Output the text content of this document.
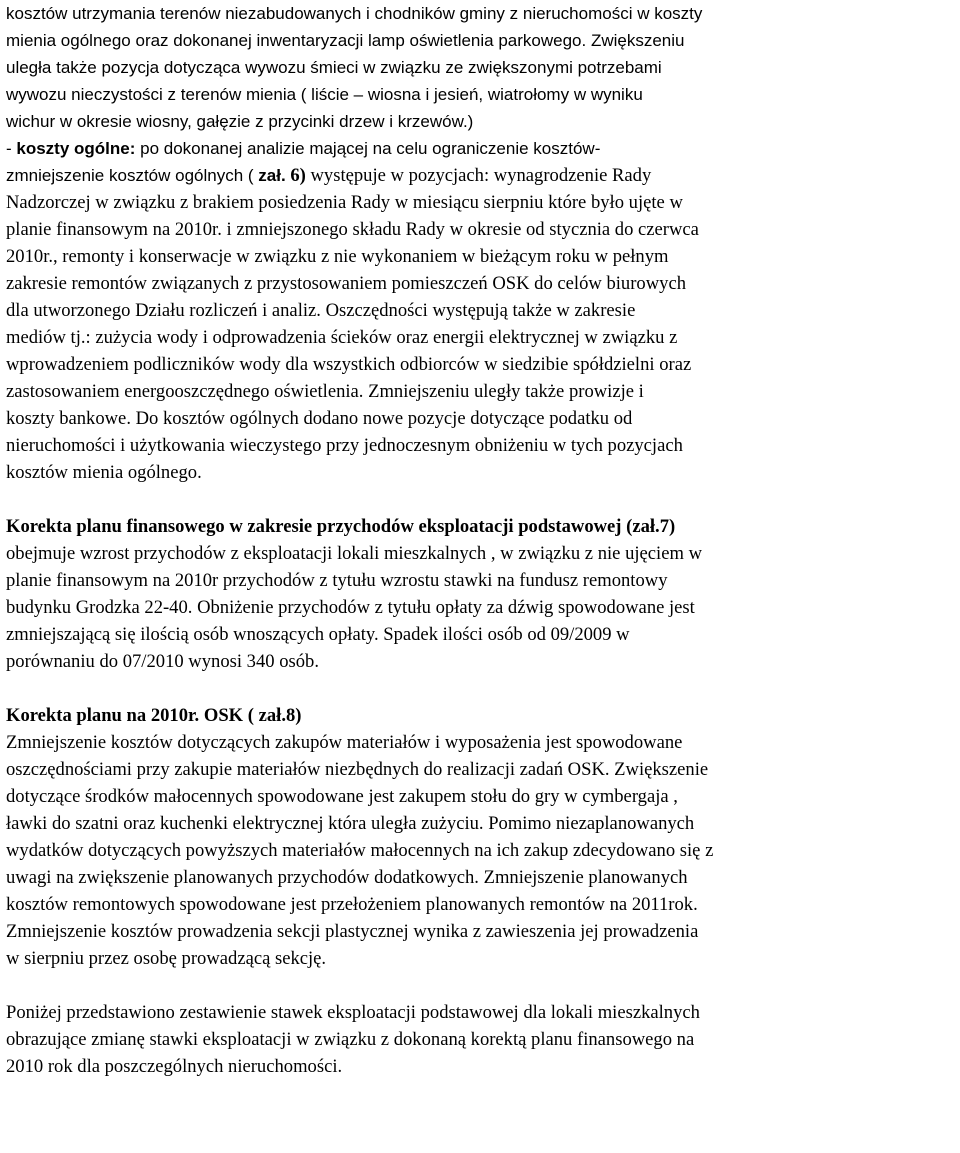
kosztów utrzymania terenów niezabudowanych i chodników gminy z nieruchomości w koszty
mienia ogólnego oraz dokonanej inwentaryzacji lamp oświetlenia parkowego. Zwiększeniu
uległa także pozycja dotycząca wywozu śmieci w związku ze zwiększonymi potrzebami
wywozu nieczystości z terenów mienia ( liście – wiosna i jesień, wiatrołomy w wyniku
wichur w okresie wiosny, gałęzie z przycinki drzew i krzewów.)
- koszty ogólne: po dokonanej analizie mającej na celu ograniczenie kosztów-
zmniejszenie kosztów ogólnych ( zał. 6) występuje w pozycjach: wynagrodzenie Rady
Nadzorczej w związku z brakiem posiedzenia Rady w miesiącu sierpniu które było ujęte w
planie finansowym na 2010r. i zmniejszonego składu Rady w okresie od stycznia do czerwca
2010r., remonty i konserwacje w związku z nie wykonaniem w bieżącym roku w pełnym
zakresie remontów związanych z przystosowaniem pomieszczeń OSK do celów biurowych
dla utworzonego Działu rozliczeń i analiz. Oszczędności występują także w zakresie
mediów tj.: zużycia wody i odprowadzenia ścieków oraz energii elektrycznej w związku z
wprowadzeniem podliczników wody dla wszystkich odbiorców w siedzibie spółdzielni oraz
zastosowaniem energooszczędnego oświetlenia. Zmniejszeniu uległy także prowizje i
koszty bankowe. Do kosztów ogólnych dodano nowe pozycje dotyczące podatku od
nieruchomości i użytkowania wieczystego przy jednoczesnym obniżeniu w tych pozycjach
kosztów mienia ogólnego.
Korekta planu finansowego w zakresie przychodów eksploatacji podstawowej (zał.7)
obejmuje wzrost przychodów z eksploatacji lokali mieszkalnych , w związku z nie ujęciem w
planie finansowym na 2010r przychodów z tytułu wzrostu stawki na fundusz remontowy
budynku Grodzka 22-40. Obniżenie przychodów z tytułu opłaty za dźwig spowodowane jest
zmniejszającą się ilością osób wnoszących opłaty. Spadek ilości osób od 09/2009 w
porównaniu do 07/2010 wynosi 340 osób.
Korekta planu na 2010r. OSK ( zał.8)
Zmniejszenie kosztów dotyczących zakupów materiałów i wyposażenia jest spowodowane
oszczędnościami przy zakupie materiałów niezbędnych do realizacji zadań OSK. Zwiększenie
dotyczące środków małocennych spowodowane jest zakupem stołu do gry w cymbergaja ,
ławki do szatni oraz kuchenki elektrycznej która uległa zużyciu. Pomimo niezaplanowanych
wydatków dotyczących powyższych materiałów małocennych na ich zakup zdecydowano się z
uwagi na zwiększenie planowanych przychodów dodatkowych. Zmniejszenie planowanych
kosztów remontowych spowodowane jest przełożeniem planowanych remontów na 2011rok.
Zmniejszenie kosztów prowadzenia sekcji plastycznej wynika z zawieszenia jej prowadzenia
w sierpniu przez osobę prowadzącą sekcję.
Poniżej przedstawiono zestawienie stawek eksploatacji podstawowej dla lokali mieszkalnych
obrazujące zmianę stawki eksploatacji w związku z dokonaną korektą planu finansowego na
2010 rok dla poszczególnych nieruchomości.
